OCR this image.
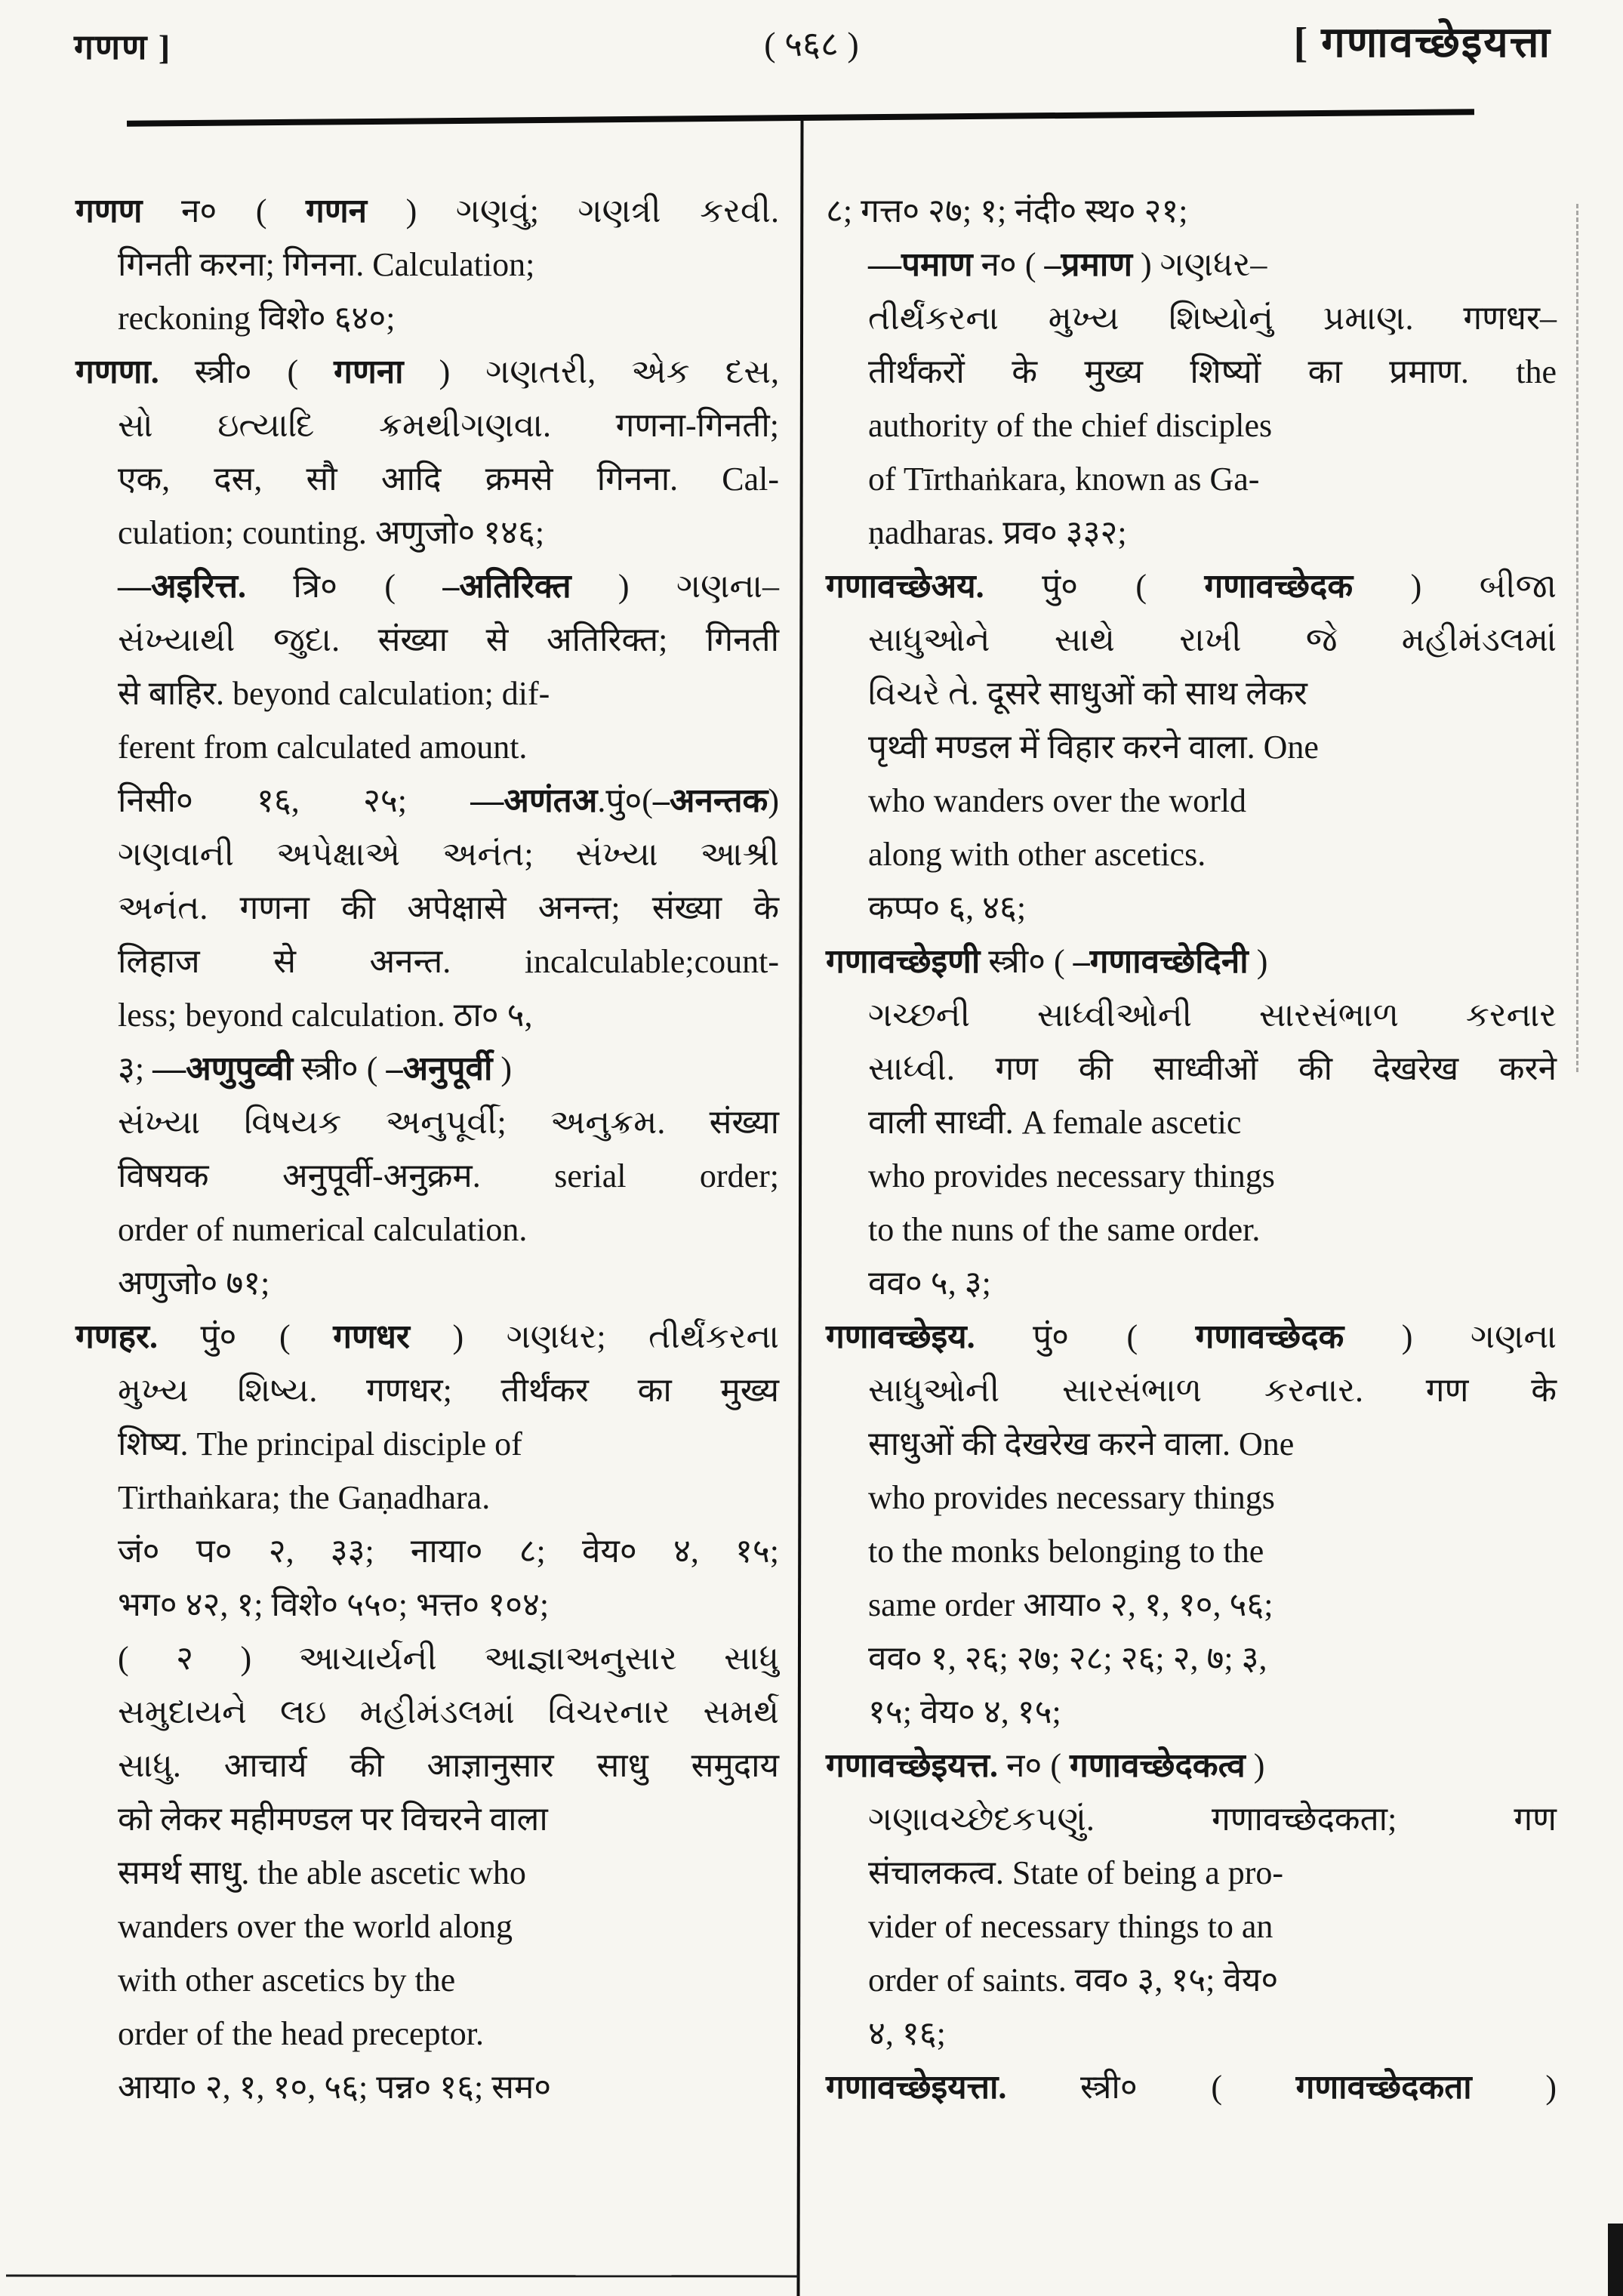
गणण ]	( ५६८ )	[ गणावच्छेइयत्ता
गणण न० ( गणन ) ગણવું; ગણત્રી કરવી.
गिनती करना; गिनना. Calculation;
reckoning विशे० ६४०;
गणणा. स्त्री० ( गणना ) ગણતરી, એક દસ,
સો ઇત્યાદિ ક્રમથીગણવા. गणना-गिनती;
एक, दस, सौ आदि क्रमसे गिनना. Cal-
culation; counting. अणुजो० १४६;
—अइरित्त. त्रि० ( –अतिरिक्त ) ગણના–
સંખ્યાથી જુદા. संख्या से अतिरिक्त; गिनती
से बाहिर. beyond calculation; dif-
ferent from calculated amount.
निसी० १६, २५; —अणंतअ.पुं०(–अनन्तक)
ગણવાની અપેક્ષાએ અનંત; સંખ્યા આશ્રી
અનંત. गणना की अपेक्षासे अनन्त; संख्या के
लिहाज से अनन्त. incalculable;count-
less; beyond calculation. ठा० ५,
३; —अणुपुव्वी स्त्री० ( –अनुपूर्वी )
સંખ્યા વિષયક અનુપૂર્વી; અનુક્રમ. संख्या
विषयक अनुपूर्वी-अनुक्रम. serial order;
order of numerical calculation.
अणुजो० ७१;
गणहर. पुं० ( गणधर ) ગણધર; તીર્થંકરના
મુખ્ય શિષ્ય. गणधर; तीर्थंकर का मुख्य
शिष्य. The principal disciple of
Tirthaṅkara; the Gaṇadhara.
जं० प० २, ३३; नाया० ८; वेय० ४, १५;
भग० ४२, १; विशे० ५५०; भत्त० १०४;
( २ ) આચાર્યની આજ્ઞાઅનુસાર સાધુ
સમુદાયને લઇ મહીમંડલમાં વિચરનાર સમર્થ
સાધુ. आचार्य की आज्ञानुसार साधु समुदाय
को लेकर महीमण्डल पर विचरने वाला
समर्थ साधु. the able ascetic who
wanders over the world along
with other ascetics by the
order of the head preceptor.
आया० २, १, १०, ५६; पन्न० १६; सम०
८; गत्त० २७; १; नंदी० स्थ० २१;
—पमाण न० ( –प्रमाण ) ગણધર–
તીર્થંકરના મુખ્ય શિષ્યોનું પ્રમાણ. गणधर–
तीर्थंकरों के मुख्य शिष्यों का प्रमाण. the
authority of the chief disciples
of Tīrthaṅkara, known as Ga-
ṇadharas. प्रव० ३३२;
गणावच्छेअय. पुं० ( गणावच्छेदक ) બીજા
સાધુઓને સાથે રાખી જે મહીમંડલમાં
વિચરે તે. दूसरे साधुओं को साथ लेकर
पृथ्वी मण्डल में विहार करने वाला. One
who wanders over the world
along with other ascetics.
कप्प० ६, ४६;
गणावच्छेइणी स्त्री० ( –गणावच्छेदिनी )
ગચ્છની સાધ્વીઓની સારસંભાળ કરનાર
સાધ્વી. गण की साध्वीओं की देखरेख करने
वाली साध्वी. A female ascetic
who provides necessary things
to the nuns of the same order.
वव० ५, ३;
गणावच्छेइय. पुं० ( गणावच्छेदक ) ગણના
સાધુઓની સારસંભાળ કરનાર. गण के
साधुओं की देखरेख करने वाला. One
who provides necessary things
to the monks belonging to the
same order आया० २, १, १०, ५६;
वव० १, २६; २७; २८; २६; २, ७; ३,
१५; वेय० ४, १५;
गणावच्छेइयत्त. न० ( गणावच्छेदकत्व )
ગણાવચ્છેદકપણું. गणावच्छेदकता; गण
संचालकत्व. State of being a pro-
vider of necessary things to an
order of saints. वव० ३, १५; वेय०
४, १६;
गणावच्छेइयत्ता. स्त्री० ( गणावच्छेदकता )
